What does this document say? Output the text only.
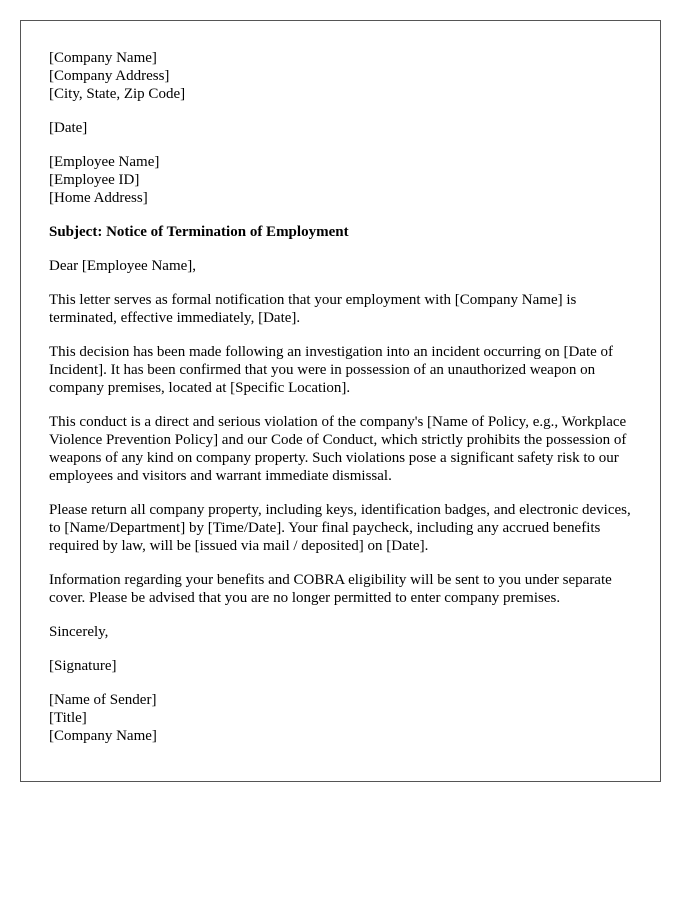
[Company Name]
[Company Address]
[City, State, Zip Code]

[Date]

[Employee Name]
[Employee ID]
[Home Address]

Subject: Notice of Termination of Employment

Dear [Employee Name],

This letter serves as formal notification that your employment with [Company Name] is terminated, effective immediately, [Date].

This decision has been made following an investigation into an incident occurring on [Date of Incident]. It has been confirmed that you were in possession of an unauthorized weapon on company premises, located at [Specific Location].

This conduct is a direct and serious violation of the company's [Name of Policy, e.g., Workplace Violence Prevention Policy] and our Code of Conduct, which strictly prohibits the possession of weapons of any kind on company property. Such violations pose a significant safety risk to our employees and visitors and warrant immediate dismissal.

Please return all company property, including keys, identification badges, and electronic devices, to [Name/Department] by [Time/Date]. Your final paycheck, including any accrued benefits required by law, will be [issued via mail / deposited] on [Date].

Information regarding your benefits and COBRA eligibility will be sent to you under separate cover. Please be advised that you are no longer permitted to enter company premises.

Sincerely,

[Signature]

[Name of Sender]
[Title]
[Company Name]
